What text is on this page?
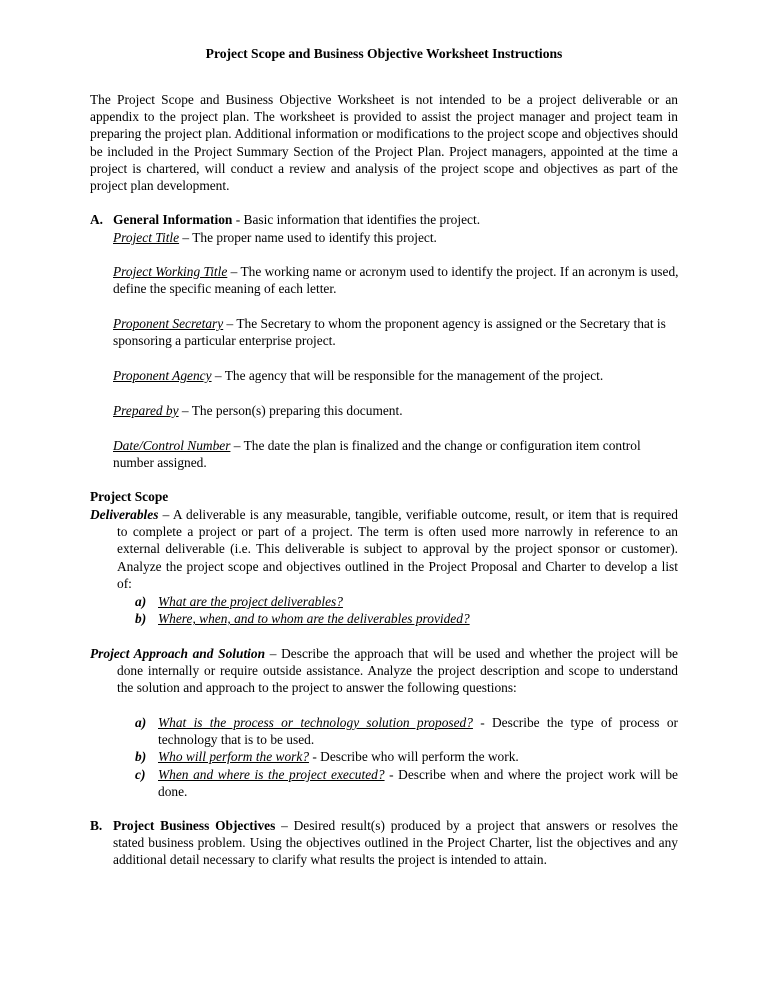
Project Scope and Business Objective Worksheet Instructions
The Project Scope and Business Objective Worksheet is not intended to be a project deliverable or an appendix to the project plan. The worksheet is provided to assist the project manager and project team in preparing the project plan. Additional information or modifications to the project scope and objectives should be included in the Project Summary Section of the Project Plan. Project managers, appointed at the time a project is chartered, will conduct a review and analysis of the project scope and objectives as part of the project plan development.
A. General Information - Basic information that identifies the project.
Project Title – The proper name used to identify this project.
Project Working Title – The working name or acronym used to identify the project. If an acronym is used, define the specific meaning of each letter.
Proponent Secretary – The Secretary to whom the proponent agency is assigned or the Secretary that is sponsoring a particular enterprise project.
Proponent Agency – The agency that will be responsible for the management of the project.
Prepared by – The person(s) preparing this document.
Date/Control Number – The date the plan is finalized and the change or configuration item control number assigned.
Project Scope
Deliverables – A deliverable is any measurable, tangible, verifiable outcome, result, or item that is required to complete a project or part of a project. The term is often used more narrowly in reference to an external deliverable (i.e. This deliverable is subject to approval by the project sponsor or customer). Analyze the project scope and objectives outlined in the Project Proposal and Charter to develop a list of:
a) What are the project deliverables?
b) Where, when, and to whom are the deliverables provided?
Project Approach and Solution – Describe the approach that will be used and whether the project will be done internally or require outside assistance. Analyze the project description and scope to understand the solution and approach to the project to answer the following questions:
a) What is the process or technology solution proposed? - Describe the type of process or technology that is to be used.
b) Who will perform the work? - Describe who will perform the work.
c) When and where is the project executed? - Describe when and where the project work will be done.
B. Project Business Objectives – Desired result(s) produced by a project that answers or resolves the stated business problem. Using the objectives outlined in the Project Charter, list the objectives and any additional detail necessary to clarify what results the project is intended to attain.
